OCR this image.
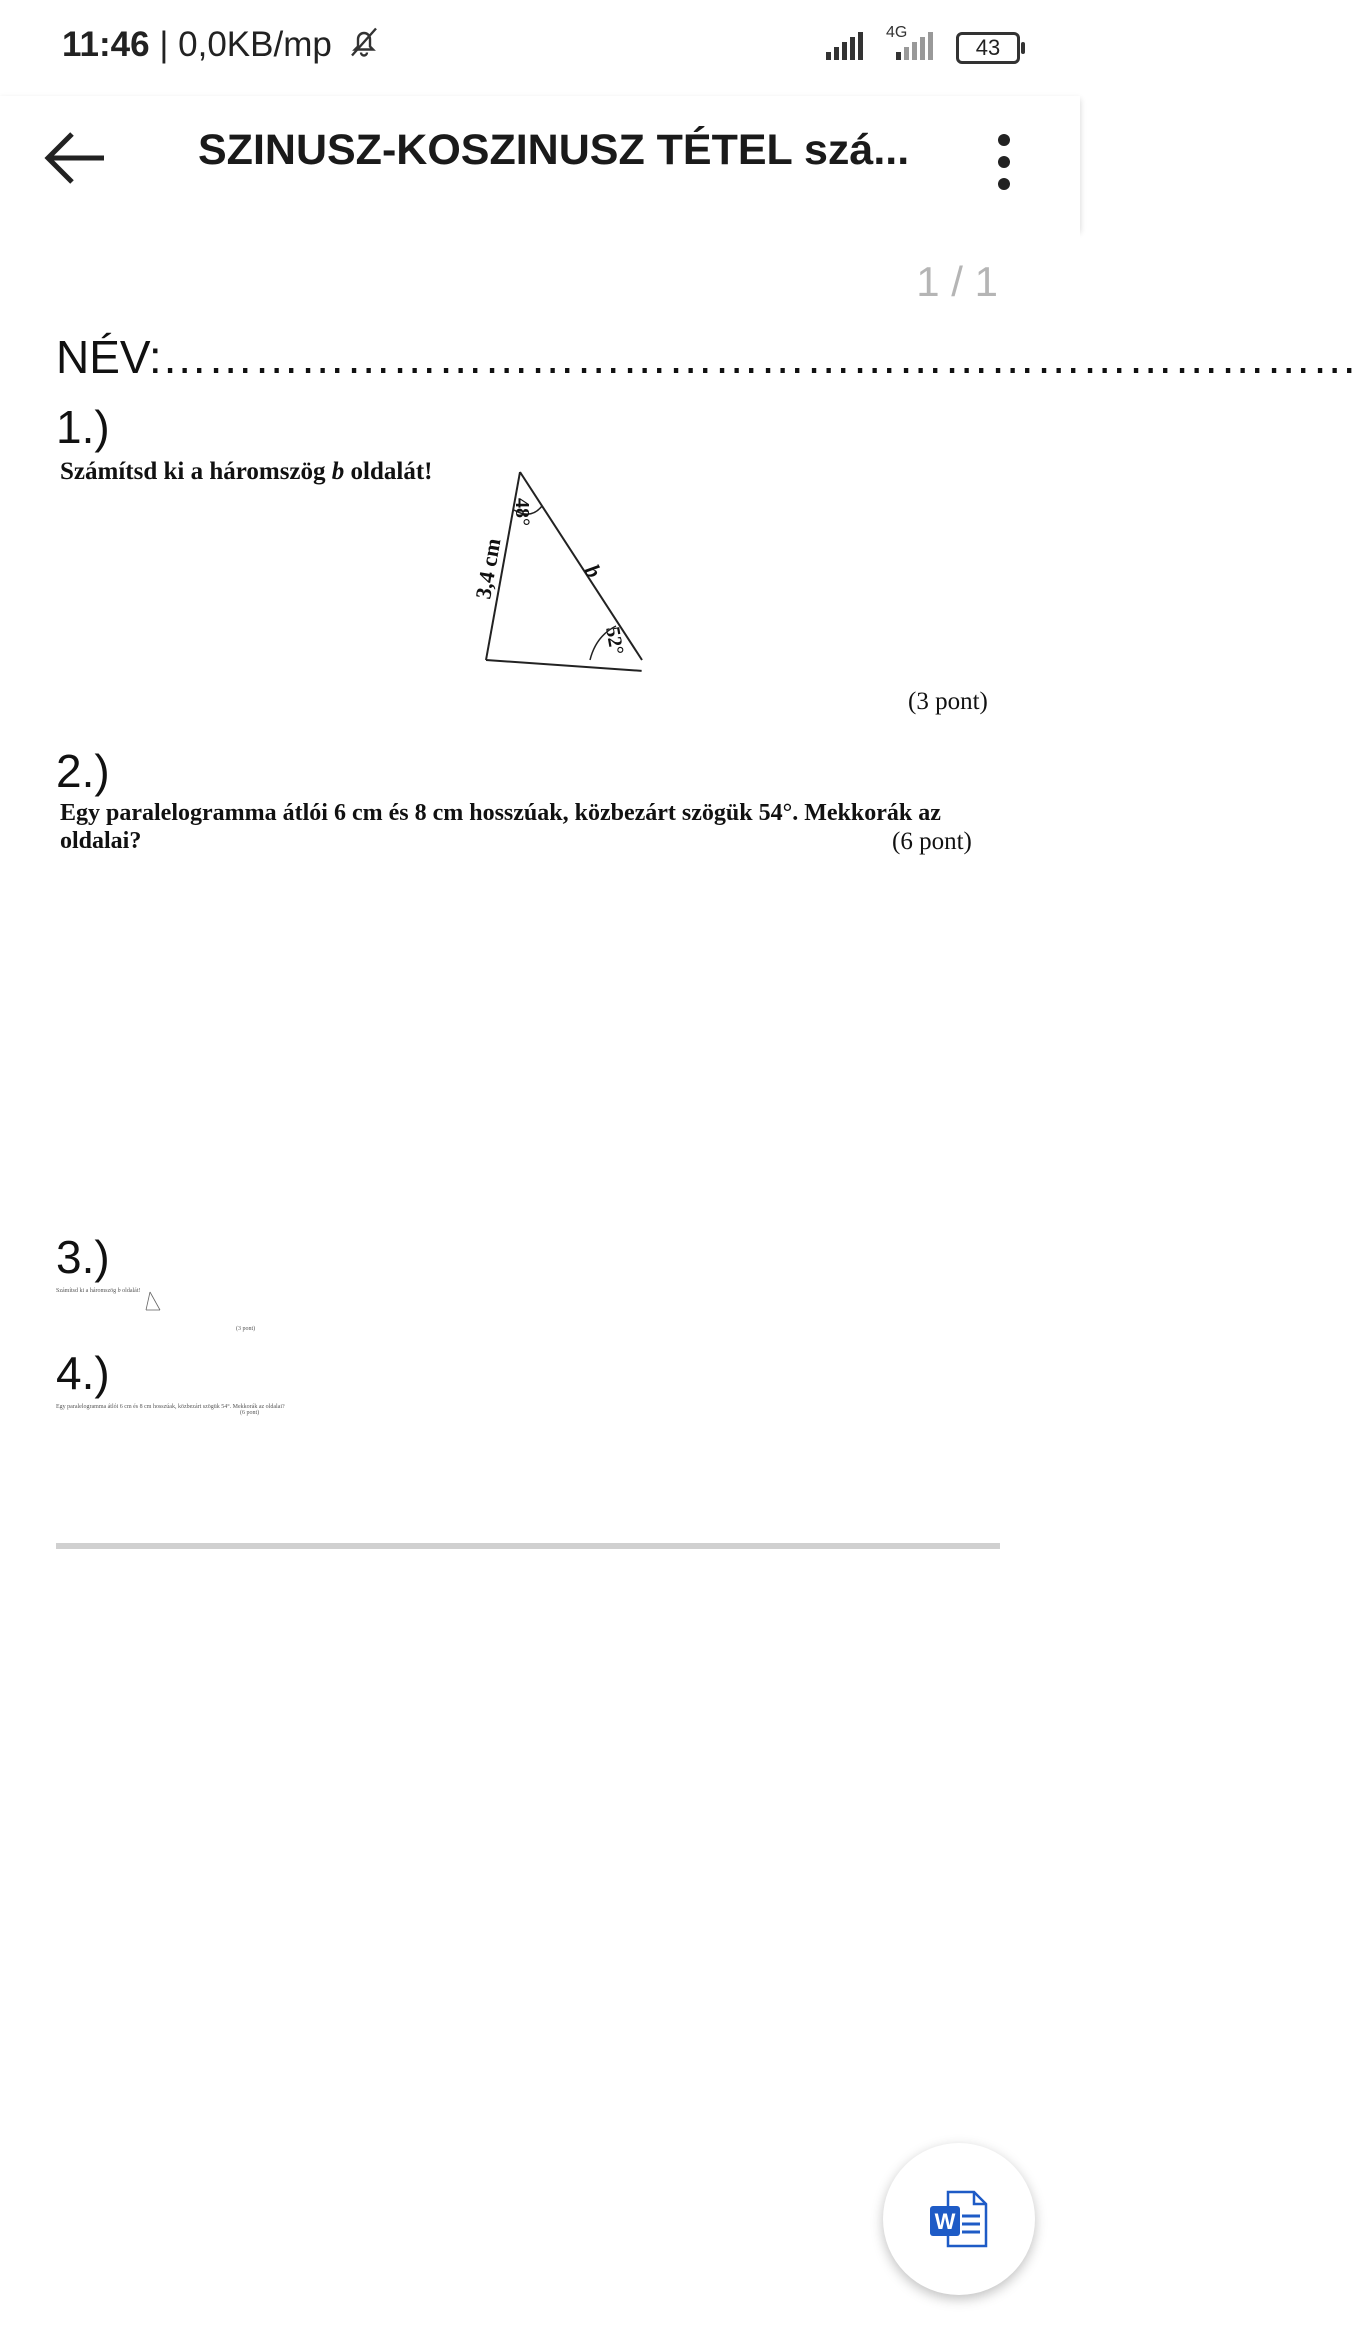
11:46 | 0,0KB/mp	4G
43
SZINUSZ-KOSZINUSZ TÉTEL szá...
1 / 1
NÉV:……………………………………………………………………
1.)
Számítsd ki a háromszög b oldalát!
3,4 cm
48°
b
52°
(3 pont)
2.)
Egy paralelogramma átlói 6 cm és 8 cm hosszúak, közbezárt szögük 54°. Mekkorák az
oldalai?	(6 pont)
3.)
Számítsd ki a háromszög b oldalát!
(3 pont)
4.)
Egy paralelogramma átlói 6 cm és 8 cm hosszúak, közbezárt szögük 54°. Mekkorák az oldalai?
(6 pont)
W
